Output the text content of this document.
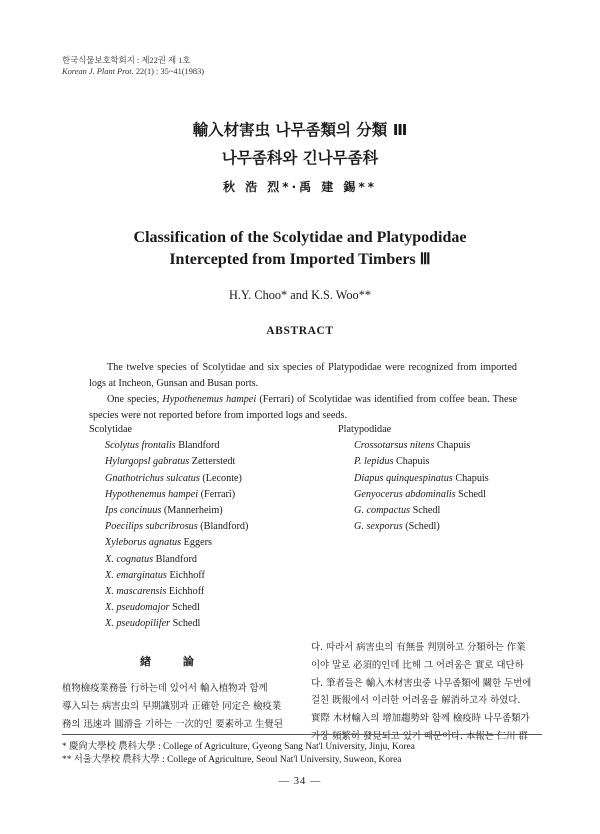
한국식물보호학회지 : 제22권 제 1호
Korean J. Plant Prot. 22(1) : 35~41(1983)
輸入材害虫 나무좀類의 分類 Ⅲ
나무좀科와 긴나무좀科
秋 浩 烈*·禹 建 錫**
Classification of the Scolytidae and Platypodidae
Intercepted from Imported Timbers Ⅲ
H.Y. Choo* and K.S. Woo**
ABSTRACT
The twelve species of Scolytidae and six species of Platypodidae were recognized from imported logs at Incheon, Gunsan and Busan ports.
One species, Hypothenemus hampei (Ferrari) of Scolytidae was identified from coffee bean. These species were not reported before from imported logs and seeds.
Scolytidae
Scolytus frontalis Blandford
Hylurgopsl gabratus Zetterstedt
Gnathotrichus sulcatus (Leconte)
Hypothenemus hampei (Ferrari)
Ips concinuus (Mannerheim)
Poecilips subcribrosus (Blandford)
Xyleborus agnatus Eggers
X. cognatus Blandford
X. emarginatus Eichhoff
X. mascarensis Eichhoff
X. pseudomajor Schedl
X. pseudopilifer Schedl
Platypodidae
Crossotarsus nitens Chapuis
P. lepidus Chapuis
Diapus quinquespinatus Chapuis
Genyocerus abdominalis Schedl
G. compactus Schedl
G. sexporus (Schedl)
緖 論
植物檢疫業務를 行하는데 있어서 輸入植物과 함께
導入되는 病害虫의 早期識別과 正確한 同定은 檢疫業
務의 迅速과 圓滑을 기하는 一次的인 要素하고 生覺된
다. 따라서 病害虫의 有無를 判別하고 分類하는 作業
이야 말로 必須的인데 比해 그 어려움은 實로 대단하
다. 筆者들은 輸入木材害虫중 나무좀類에 關한 두번에
걸친 既報에서 이러한 어려움을 解消하고자 하였다.
實際 木材輸入의 增加趨勢와 함께 檢疫時 나무좀類가
가장 頻繁히 發見되고 있기 때문이다. 本報는 仁川 群
* 慶尙大學校 農科大學 : College of Agriculture, Gyeong Sang Nat'l University, Jinju, Korea
** 서울大學校 農科大學 : College of Agriculture, Seoul Nat'l University, Suweon, Korea
— 34 —
